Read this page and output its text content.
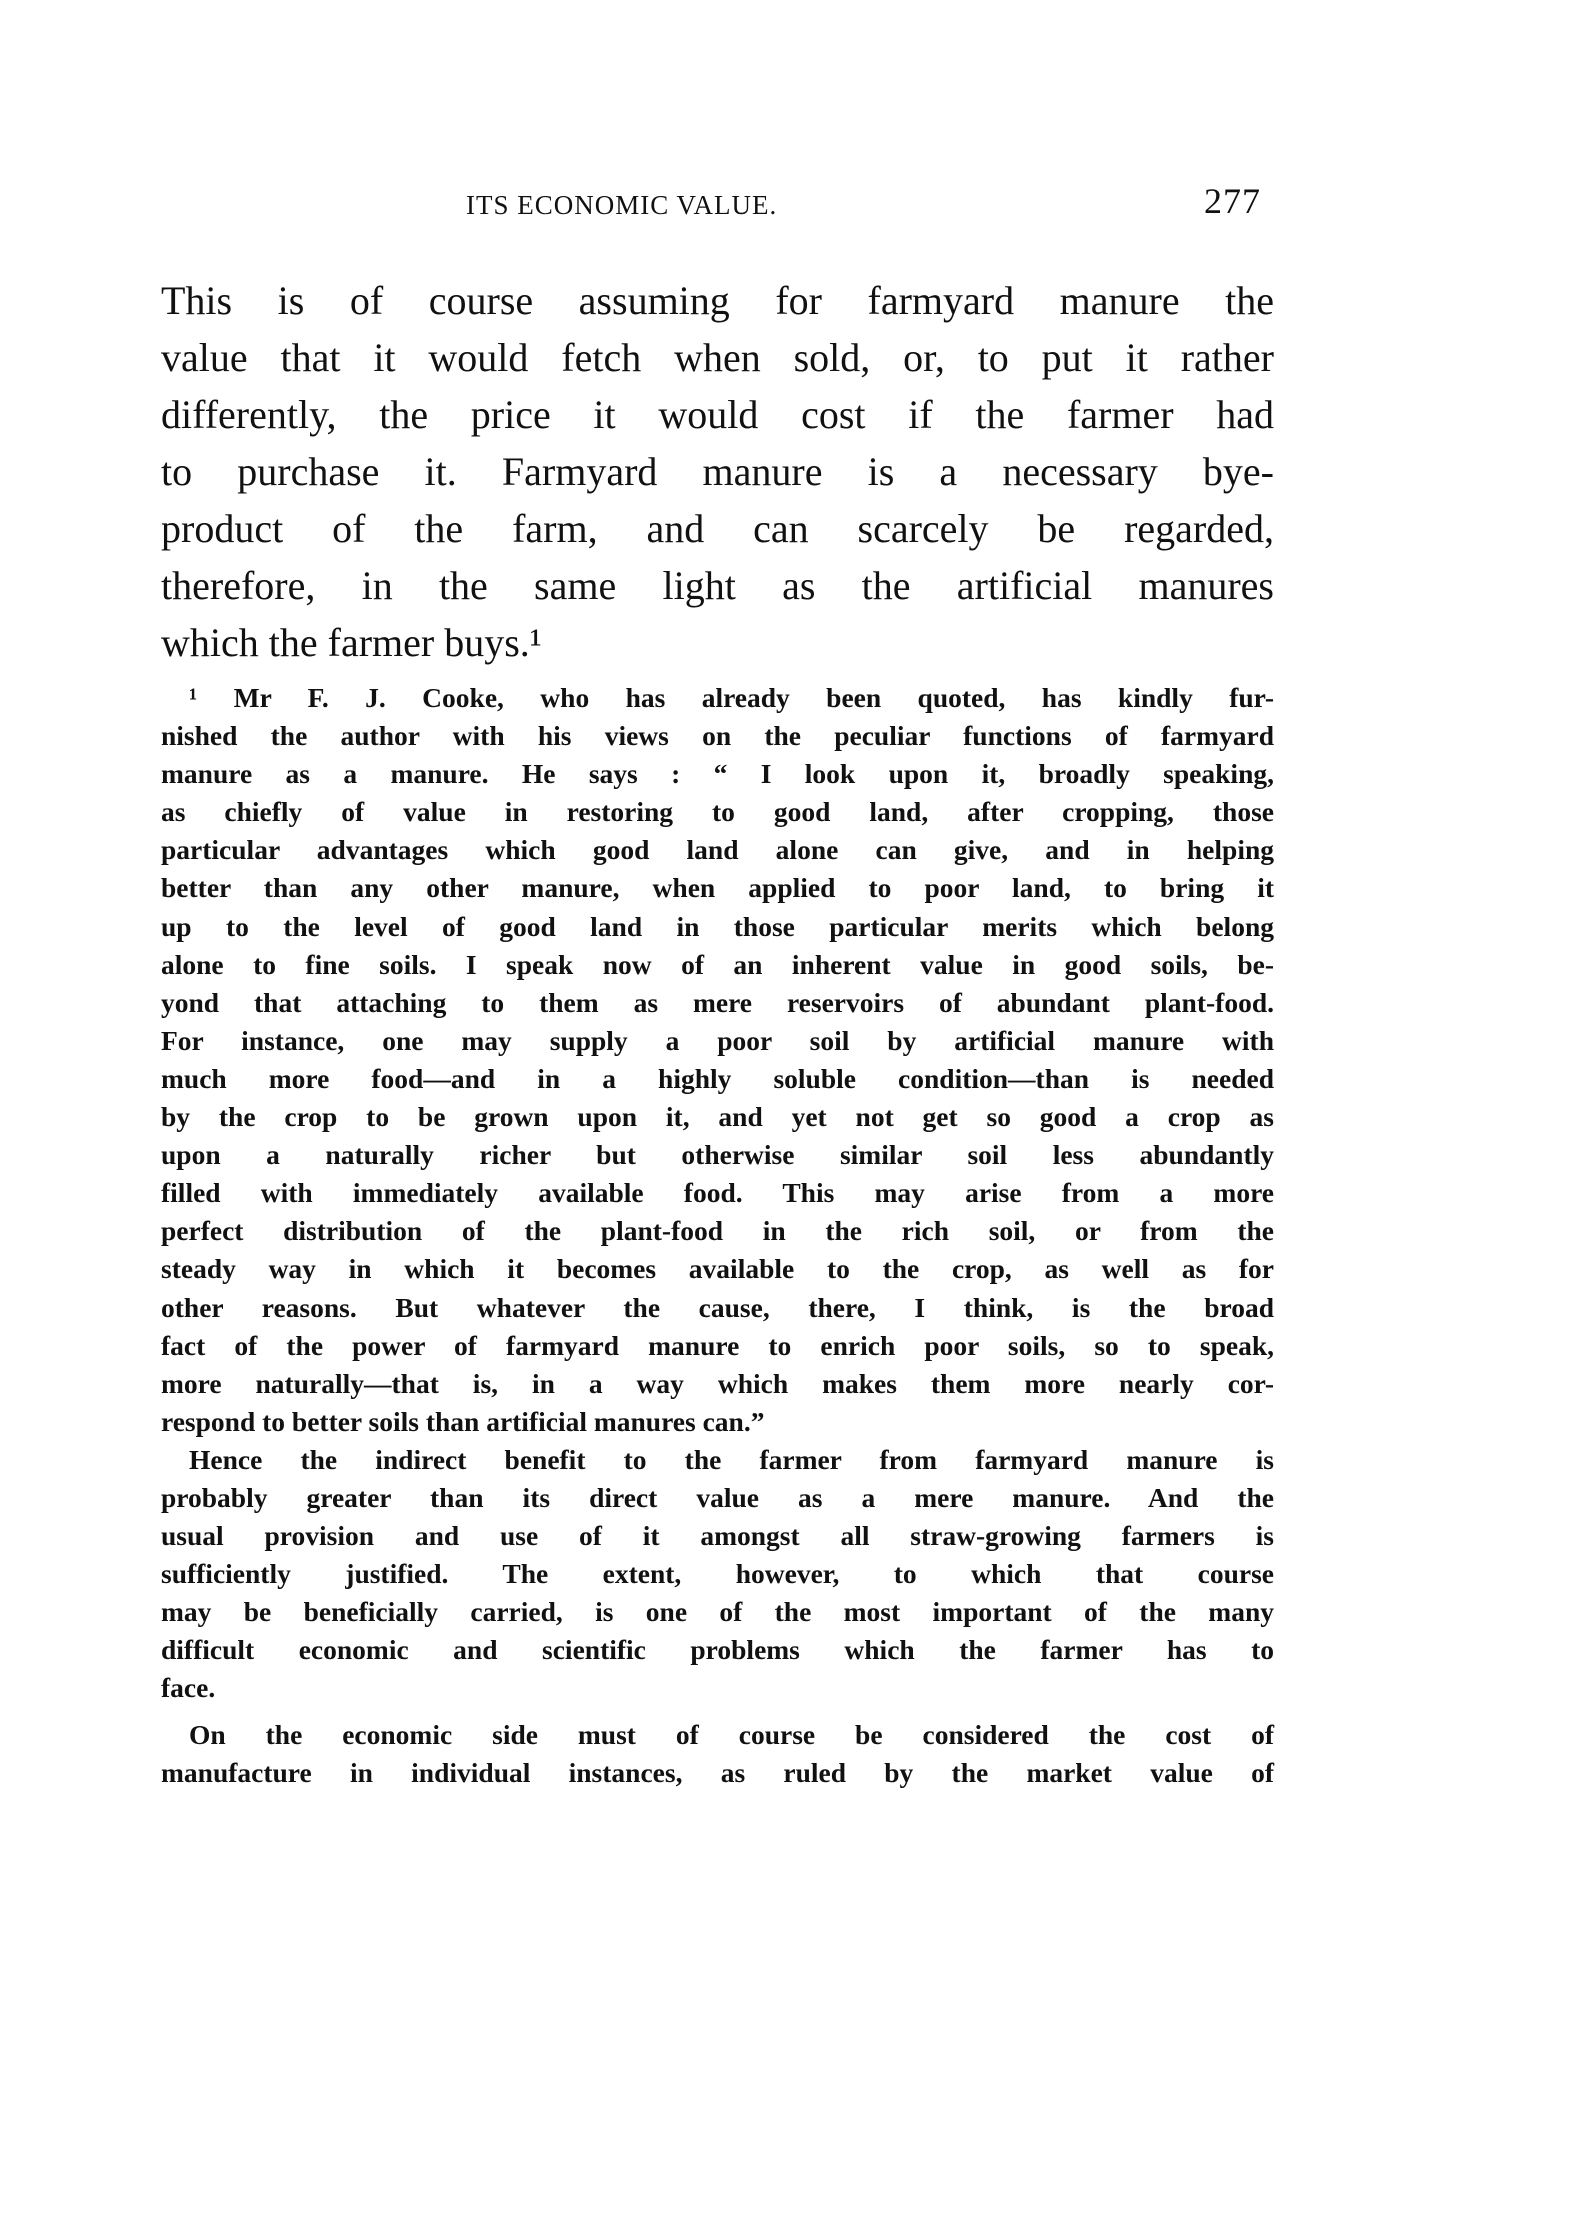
ITS ECONOMIC VALUE.	277
This is of course assuming for farmyard manure the
value that it would fetch when sold, or, to put it rather
differently, the price it would cost if the farmer had
to purchase it. Farmyard manure is a necessary bye-
product of the farm, and can scarcely be regarded,
therefore, in the same light as the artificial manures
which the farmer buys.¹
¹ Mr F. J. Cooke, who has already been quoted, has kindly fur-
nished the author with his views on the peculiar functions of farmyard
manure as a manure. He says : “ I look upon it, broadly speaking,
as chiefly of value in restoring to good land, after cropping, those
particular advantages which good land alone can give, and in helping
better than any other manure, when applied to poor land, to bring it
up to the level of good land in those particular merits which belong
alone to fine soils. I speak now of an inherent value in good soils, be-
yond that attaching to them as mere reservoirs of abundant plant-food.
For instance, one may supply a poor soil by artificial manure with
much more food—and in a highly soluble condition—than is needed
by the crop to be grown upon it, and yet not get so good a crop as
upon a naturally richer but otherwise similar soil less abundantly
filled with immediately available food. This may arise from a more
perfect distribution of the plant-food in the rich soil, or from the
steady way in which it becomes available to the crop, as well as for
other reasons. But whatever the cause, there, I think, is the broad
fact of the power of farmyard manure to enrich poor soils, so to speak,
more naturally—that is, in a way which makes them more nearly cor-
respond to better soils than artificial manures can.”
Hence the indirect benefit to the farmer from farmyard manure is
probably greater than its direct value as a mere manure. And the
usual provision and use of it amongst all straw-growing farmers is
sufficiently justified. The extent, however, to which that course
may be beneficially carried, is one of the most important of the many
difficult economic and scientific problems which the farmer has to
face.
On the economic side must of course be considered the cost of
manufacture in individual instances, as ruled by the market value of
